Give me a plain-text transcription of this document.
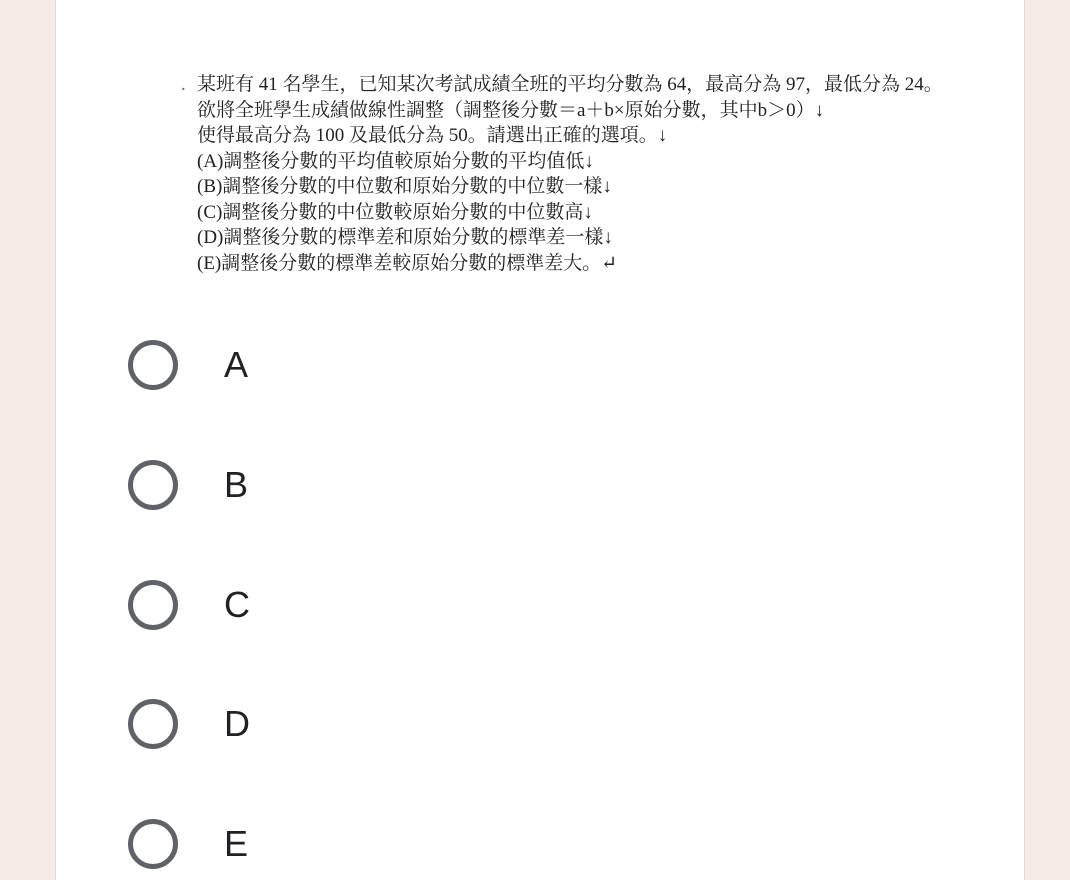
. 某班有 41 名學生，已知某次考試成績全班的平均分數為 64，最高分為 97，最低分為 24。
欲將全班學生成績做線性調整（調整後分數＝a＋b×原始分數，其中b＞0）↓
使得最高分為 100 及最低分為 50。請選出正確的選項。↓
(A)調整後分數的平均值較原始分數的平均值低↓
(B)調整後分數的中位數和原始分數的中位數一樣↓
(C)調整後分數的中位數較原始分數的中位數高↓
(D)調整後分數的標準差和原始分數的標準差一樣↓
(E)調整後分數的標準差較原始分數的標準差大。↵
A
B
C
D
E
